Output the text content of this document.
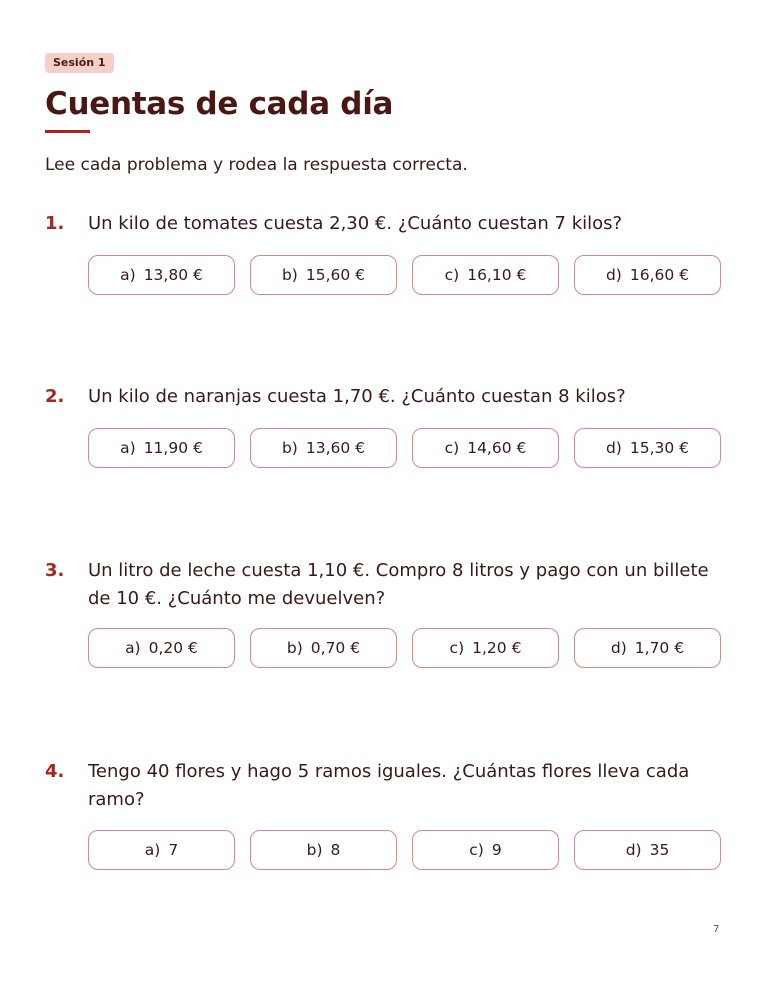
Sesión 1
Cuentas de cada día

Lee cada problema y rodea la respuesta correcta.

1. Un kilo de tomates cuesta 2,30 €. ¿Cuánto cuestan 7 kilos?

a) 13,80 €	b) 15,60 €	c) 16,10 €	d) 16,60 €
2. Un kilo de naranjas cuesta 1,70 €. ¿Cuánto cuestan 8 kilos?

a) 11,90 €	b) 13,60 €	c) 14,60 €	d) 15,30 €
3. Un litro de leche cuesta 1,10 €. Compro 8 litros y pago con un billete de 10 €. ¿Cuánto me devuelven?

a) 0,20 €	b) 0,70 €	c) 1,20 €	d) 1,70 €
4. Tengo 40 flores y hago 5 ramos iguales. ¿Cuántas flores lleva cada ramo?

a) 7	b) 8	c) 9	d) 35
7
